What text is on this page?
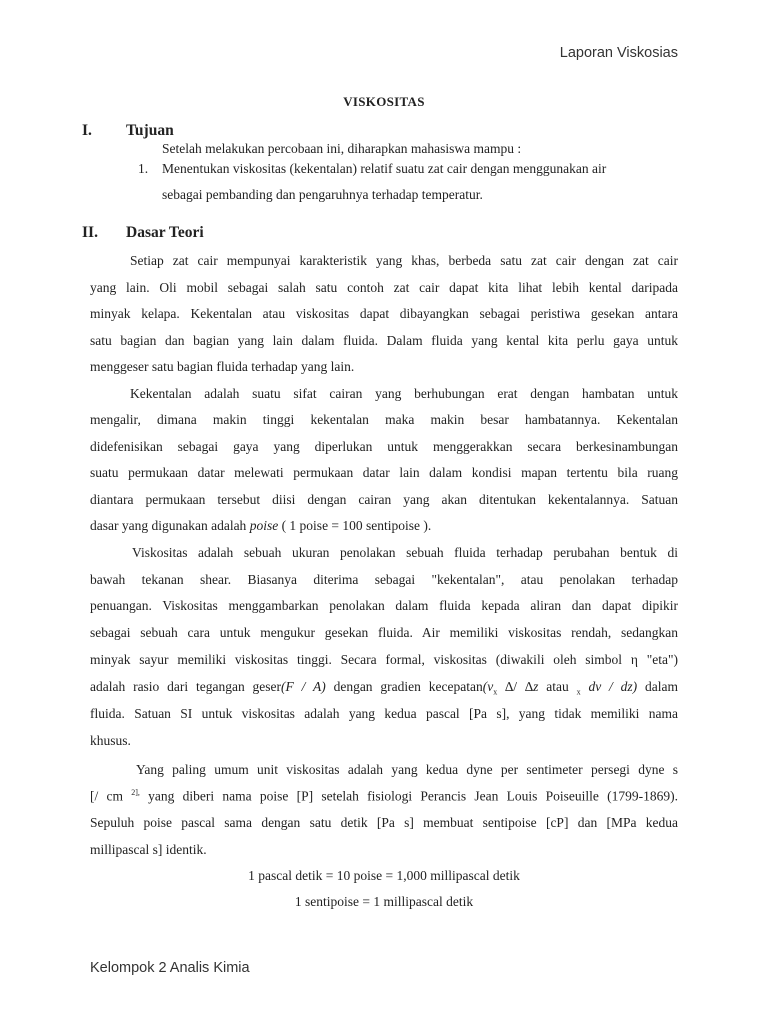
Laporan Viskosias
Kelompok 2 Analis Kimia
VISKOSITAS
I. Tujuan
Setelah melakukan percobaan ini, diharapkan mahasiswa mampu :
1. Menentukan viskositas (kekentalan) relatif suatu zat cair dengan menggunakan air
sebagai pembanding dan pengaruhnya terhadap temperatur.
II. Dasar Teori
Setiap zat cair mempunyai karakteristik yang khas, berbeda satu zat cair dengan zat cair
yang lain. Oli mobil sebagai salah satu contoh zat cair dapat kita lihat lebih kental daripada
minyak kelapa. Kekentalan atau viskositas dapat dibayangkan sebagai peristiwa gesekan antara
satu bagian dan bagian yang lain dalam fluida. Dalam fluida yang kental kita perlu gaya untuk
menggeser satu bagian fluida terhadap yang lain.
Kekentalan adalah suatu sifat cairan yang berhubungan erat dengan hambatan untuk
mengalir, dimana makin tinggi kekentalan maka makin besar hambatannya. Kekentalan
didefenisikan sebagai gaya yang diperlukan untuk menggerakkan secara berkesinambungan
suatu permukaan datar melewati permukaan datar lain dalam kondisi mapan tertentu bila ruang
diantara permukaan tersebut diisi dengan cairan yang akan ditentukan kekentalannya. Satuan
dasar yang digunakan adalah poise ( 1 poise = 100 sentipoise ).
Viskositas adalah sebuah ukuran penolakan sebuah fluida terhadap perubahan bentuk di
bawah tekanan shear. Biasanya diterima sebagai "kekentalan", atau penolakan terhadap
penuangan. Viskositas menggambarkan penolakan dalam fluida kepada aliran dan dapat dipikir
sebagai sebuah cara untuk mengukur gesekan fluida. Air memiliki viskositas rendah, sedangkan
minyak sayur memiliki viskositas tinggi. Secara formal, viskositas (diwakili oleh simbol η "eta")
adalah rasio dari tegangan geser(F / A) dengan gradien $kecepatan(v_x$ ∆/ ∆z atau $_x$ dv / dz) dalam
fluida. Satuan SI untuk viskositas adalah yang kedua pascal [Pa s], yang tidak memiliki nama
khusus.
Yang paling umum unit viskositas adalah yang kedua dyne per sentimeter persegi dyne s
[/ cm $^{2],}$ yang diberi nama poise [P] setelah fisiologi Perancis Jean Louis Poiseuille (1799-1869).
Sepuluh poise pascal sama dengan satu detik [Pa s] membuat sentipoise [cP] dan [MPa kedua
millipascal s] identik.
1 pascal detik = 10 poise = 1,000 millipascal detik
1 sentipoise = 1 millipascal detik
